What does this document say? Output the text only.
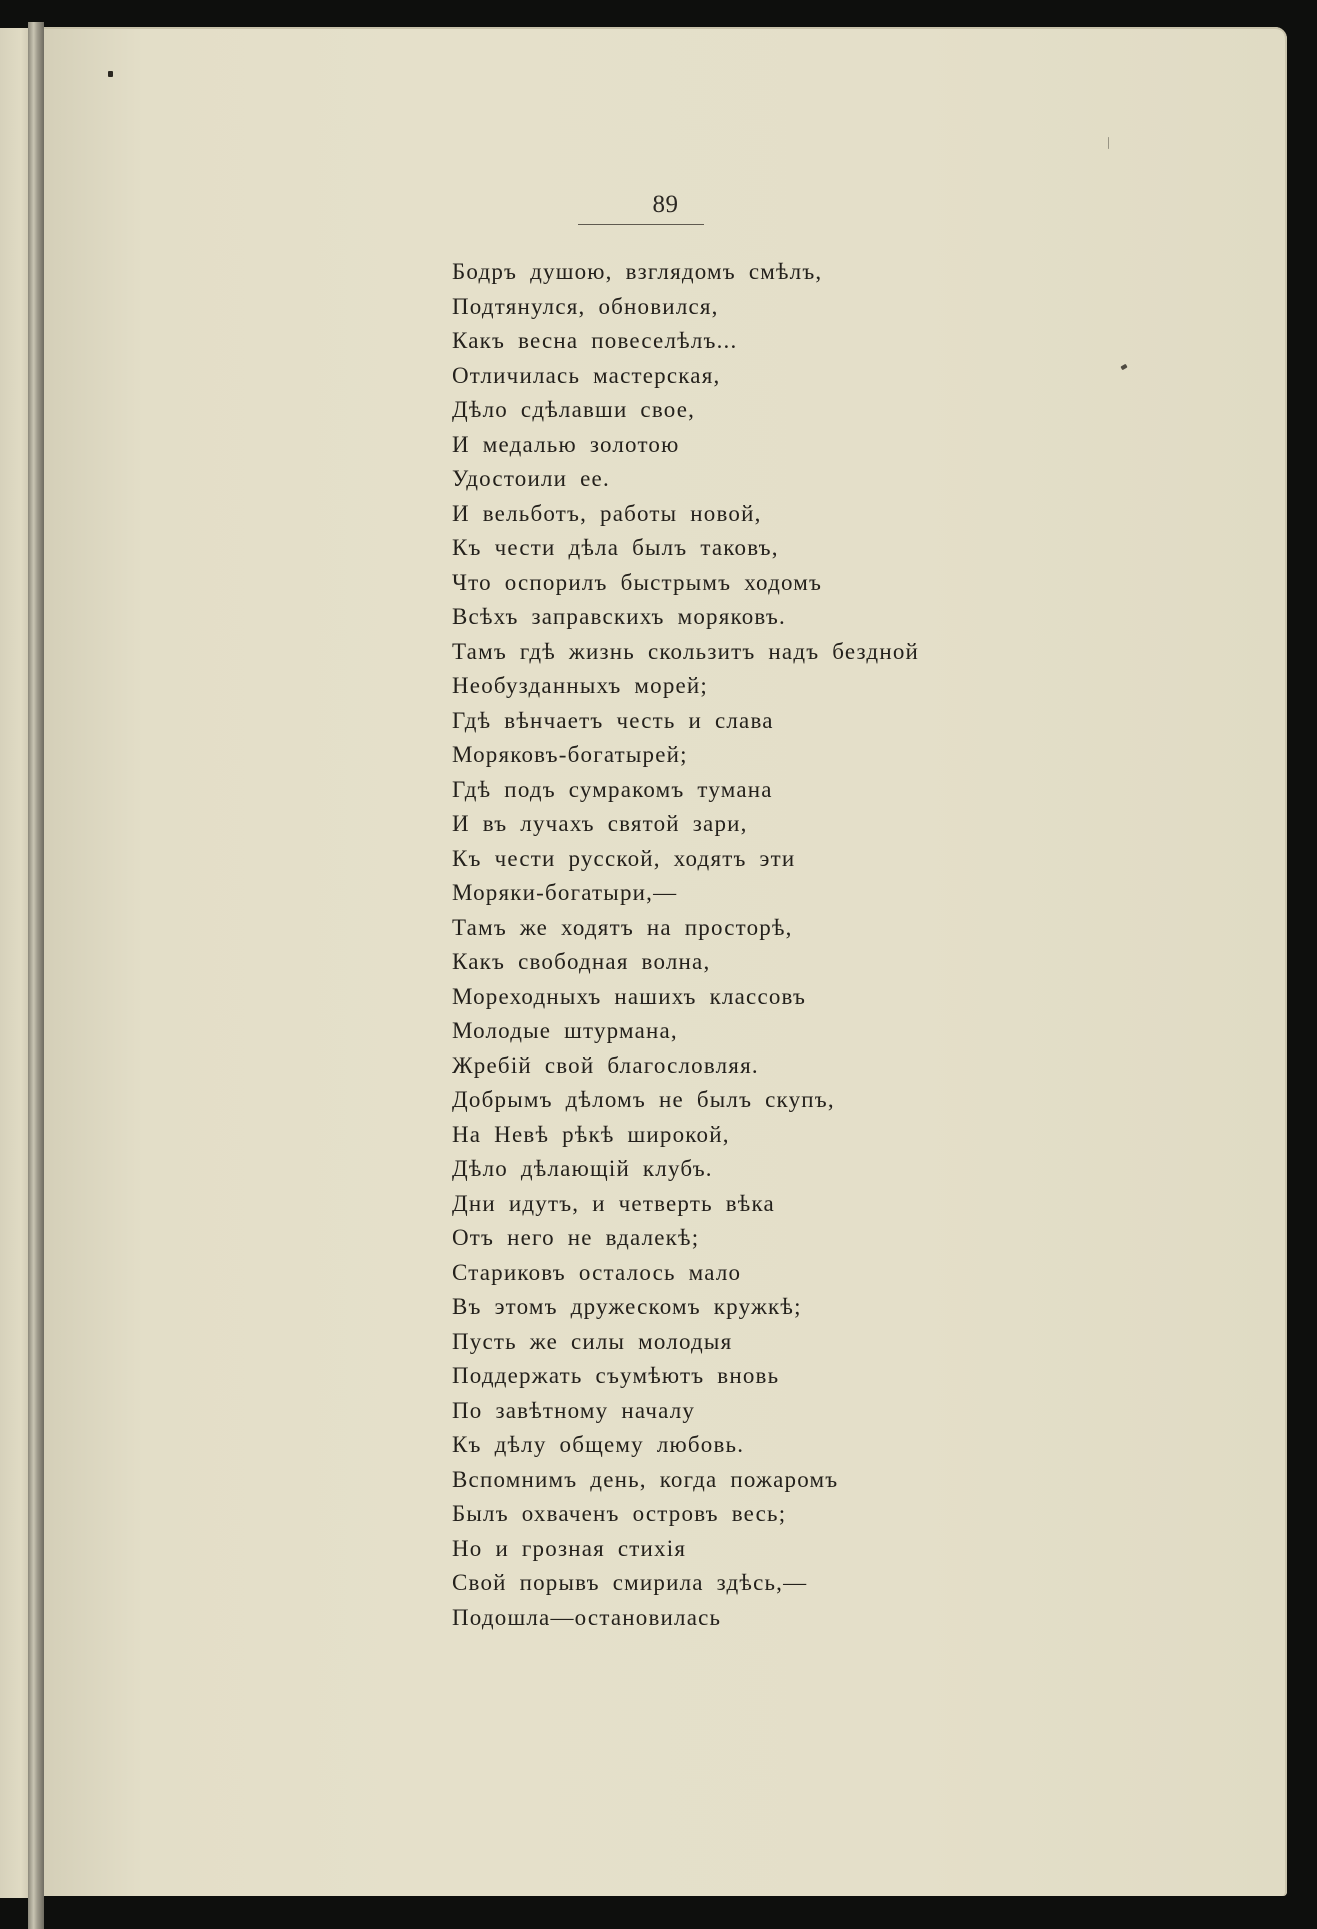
89
Бодръ душою, взглядомъ смѣлъ,
Подтянулся, обновился,
Какъ весна повеселѣлъ...
Отличилась мастерская,
Дѣло сдѣлавши свое,
И медалью золотою
Удостоили ее.
И вельботъ, работы новой,
Къ чести дѣла былъ таковъ,
Что оспорилъ быстрымъ ходомъ
Всѣхъ заправскихъ моряковъ.
Тамъ гдѣ жизнь скользитъ надъ бездной
Необузданныхъ морей;
Гдѣ вѣнчаетъ честь и слава
Моряковъ-богатырей;
Гдѣ подъ сумракомъ тумана
И въ лучахъ святой зари,
Къ чести русской, ходятъ эти
Моряки-богатыри,—
Тамъ же ходятъ на просторѣ,
Какъ свободная волна,
Мореходныхъ нашихъ классовъ
Молодые штурмана,
Жребій свой благословляя.
Добрымъ дѣломъ не былъ скупъ,
На Невѣ рѣкѣ широкой,
Дѣло дѣлающій клубъ.
Дни идутъ, и четверть вѣка
Отъ него не вдалекѣ;
Стариковъ осталось мало
Въ этомъ дружескомъ кружкѣ;
Пусть же силы молодыя
Поддержать съумѣютъ вновь
По завѣтному началу
Къ дѣлу общему любовь.
Вспомнимъ день, когда пожаромъ
Былъ охваченъ островъ весь;
Но и грозная стихія
Свой порывъ смирила здѣсь,—
Подошла—остановилась
